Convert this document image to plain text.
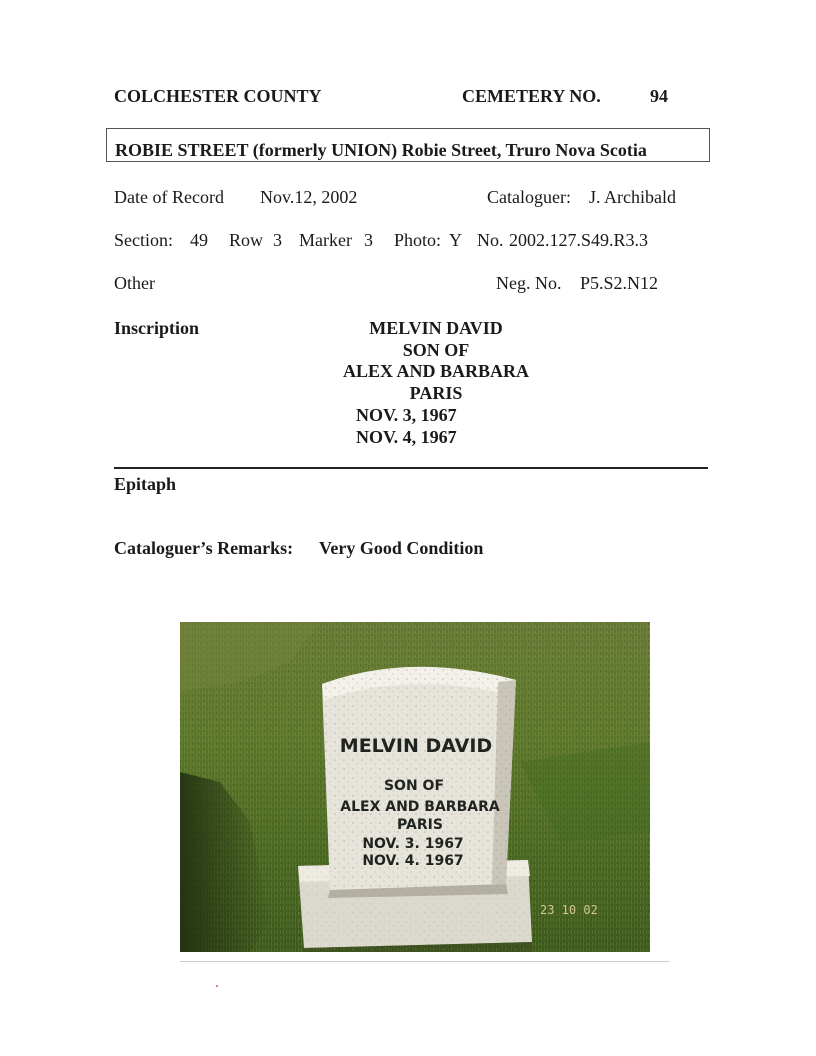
COLCHESTER COUNTY	CEMETERY NO.	94
ROBIE STREET (formerly UNION) Robie Street, Truro Nova Scotia
Date of Record Nov.12, 2002	Cataloguer: J. Archibald
Section: 49 Row 3 Marker 3 Photo: Y No. 2002.127.S49.R3.3
Other	Neg. No. P5.S2.N12
Inscription	MELVIN DAVID
SON OF
ALEX AND BARBARA
PARIS
NOV. 3, 1967
NOV. 4, 1967
Epitaph
Cataloguer’s Remarks: Very Good Condition
MELVIN DAVID
SON OF
ALEX AND BARBARA
PARIS
NOV. 3. 1967
NOV. 4. 1967
23 10 02
